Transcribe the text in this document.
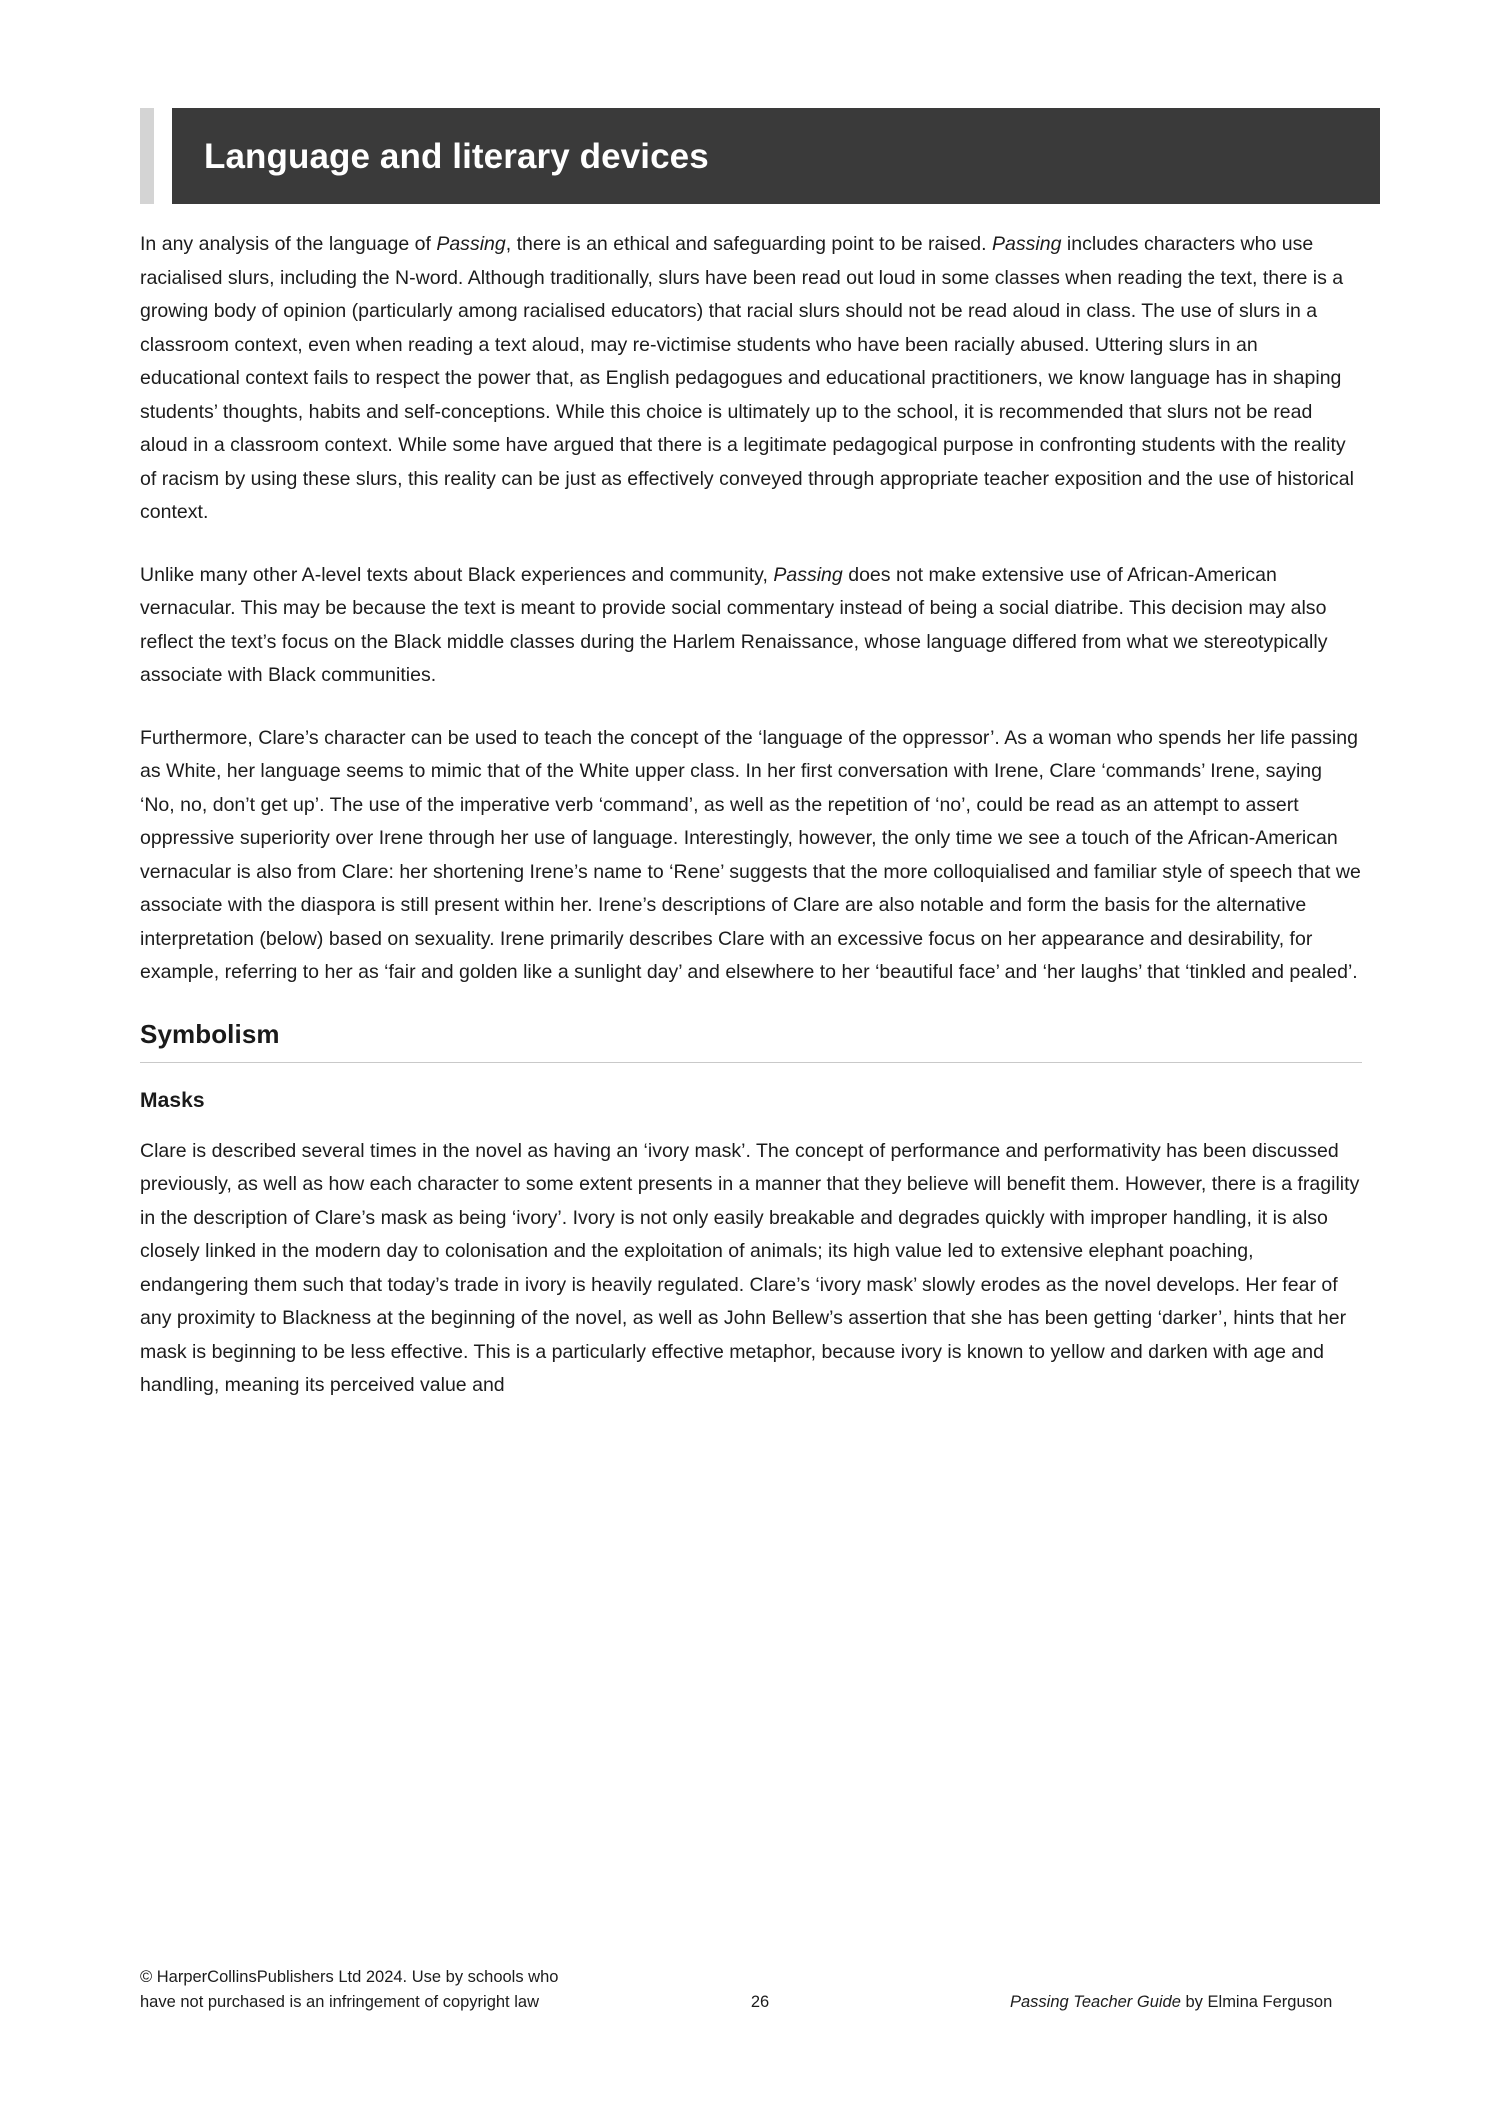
Language and literary devices

In any analysis of the language of Passing, there is an ethical and safeguarding point to be raised. Passing includes characters who use racialised slurs, including the N-word. Although traditionally, slurs have been read out loud in some classes when reading the text, there is a growing body of opinion (particularly among racialised educators) that racial slurs should not be read aloud in class. The use of slurs in a classroom context, even when reading a text aloud, may re-victimise students who have been racially abused. Uttering slurs in an educational context fails to respect the power that, as English pedagogues and educational practitioners, we know language has in shaping students’ thoughts, habits and self-conceptions. While this choice is ultimately up to the school, it is recommended that slurs not be read aloud in a classroom context. While some have argued that there is a legitimate pedagogical purpose in confronting students with the reality of racism by using these slurs, this reality can be just as effectively conveyed through appropriate teacher exposition and the use of historical context.

Unlike many other A-level texts about Black experiences and community, Passing does not make extensive use of African-American vernacular. This may be because the text is meant to provide social commentary instead of being a social diatribe. This decision may also reflect the text’s focus on the Black middle classes during the Harlem Renaissance, whose language differed from what we stereotypically associate with Black communities.

Furthermore, Clare’s character can be used to teach the concept of the ‘language of the oppressor’. As a woman who spends her life passing as White, her language seems to mimic that of the White upper class. In her first conversation with Irene, Clare ‘commands’ Irene, saying ‘No, no, don’t get up’. The use of the imperative verb ‘command’, as well as the repetition of ‘no’, could be read as an attempt to assert oppressive superiority over Irene through her use of language. Interestingly, however, the only time we see a touch of the African-American vernacular is also from Clare: her shortening Irene’s name to ‘Rene’ suggests that the more colloquialised and familiar style of speech that we associate with the diaspora is still present within her. Irene’s descriptions of Clare are also notable and form the basis for the alternative interpretation (below) based on sexuality. Irene primarily describes Clare with an excessive focus on her appearance and desirability, for example, referring to her as ‘fair and golden like a sunlight day’ and elsewhere to her ‘beautiful face’ and ‘her laughs’ that ‘tinkled and pealed’.

Symbolism
Masks

Clare is described several times in the novel as having an ‘ivory mask’. The concept of performance and performativity has been discussed previously, as well as how each character to some extent presents in a manner that they believe will benefit them. However, there is a fragility in the description of Clare’s mask as being ‘ivory’. Ivory is not only easily breakable and degrades quickly with improper handling, it is also closely linked in the modern day to colonisation and the exploitation of animals; its high value led to extensive elephant poaching, endangering them such that today’s trade in ivory is heavily regulated. Clare’s ‘ivory mask’ slowly erodes as the novel develops. Her fear of any proximity to Blackness at the beginning of the novel, as well as John Bellew’s assertion that she has been getting ‘darker’, hints that her mask is beginning to be less effective. This is a particularly effective metaphor, because ivory is known to yellow and darken with age and handling, meaning its perceived value and

© HarperCollinsPublishers Ltd 2024. Use by schools who
have not purchased is an infringement of copyright law	26	Passing Teacher Guide by Elmina Ferguson
